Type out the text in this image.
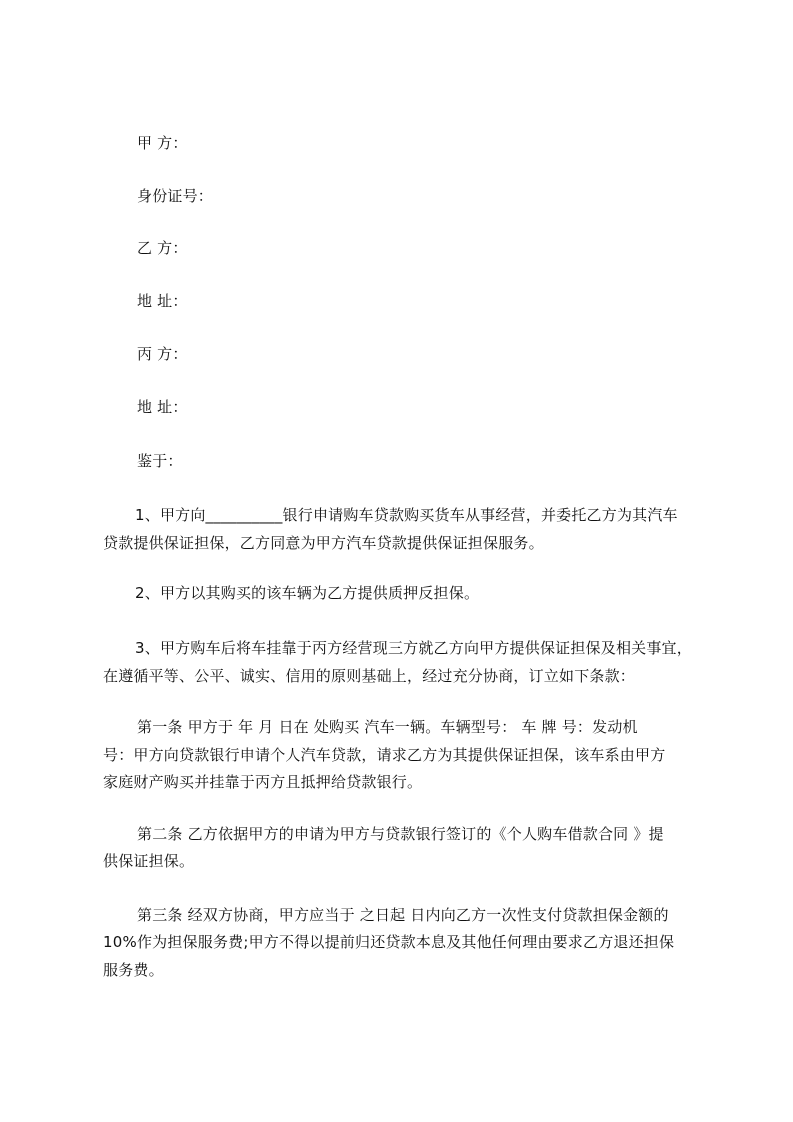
甲 方：
身份证号：
乙 方：
地 址：
丙 方：
地 址：
鉴于：
1、甲方向__________银行申请购车贷款购买货车从事经营，并委托乙方为其汽车
贷款提供保证担保，乙方同意为甲方汽车贷款提供保证担保服务。
2、甲方以其购买的该车辆为乙方提供质押反担保。
3、甲方购车后将车挂靠于丙方经营现三方就乙方向甲方提供保证担保及相关事宜，
在遵循平等、公平、诚实、信用的原则基础上，经过充分协商，订立如下条款：
第一条 甲方于 年 月 日在 处购买 汽车一辆。车辆型号： 车 牌 号：发动机
号：甲方向贷款银行申请个人汽车贷款，请求乙方为其提供保证担保，该车系由甲方
家庭财产购买并挂靠于丙方且抵押给贷款银行。
第二条 乙方依据甲方的申请为甲方与贷款银行签订的《个人购车借款合同 》提
供保证担保。
第三条 经双方协商，甲方应当于 之日起 日内向乙方一次性支付贷款担保金额的
10%作为担保服务费;甲方不得以提前归还贷款本息及其他任何理由要求乙方退还担保
服务费。
